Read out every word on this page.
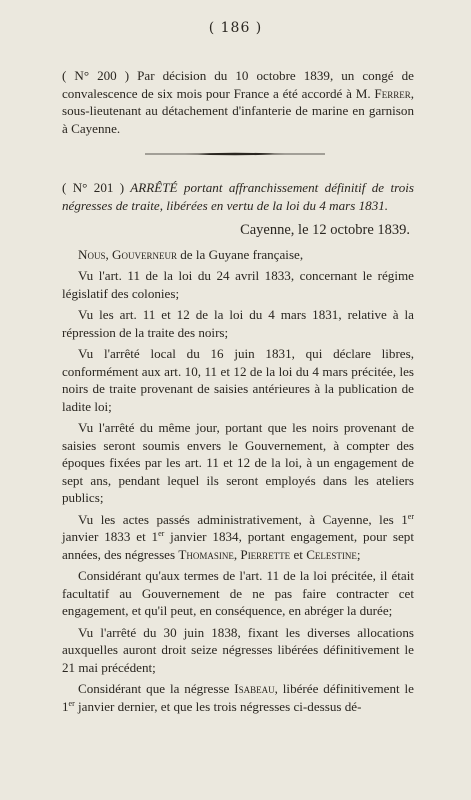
( 186 )
( N° 200 ) Par décision du 10 octobre 1839, un congé de convalescence de six mois pour France a été accordé à M. Ferrer, sous-lieutenant au détachement d'infanterie de marine en garnison à Cayenne.
( N° 201 ) ARRÊTÉ portant affranchissement définitif de trois négresses de traite, libérées en vertu de la loi du 4 mars 1831.
Cayenne, le 12 octobre 1839.
Nous, Gouverneur de la Guyane française,
Vu l'art. 11 de la loi du 24 avril 1833, concernant le régime législatif des colonies;
Vu les art. 11 et 12 de la loi du 4 mars 1831, relative à la répression de la traite des noirs;
Vu l'arrêté local du 16 juin 1831, qui déclare libres, conformément aux art. 10, 11 et 12 de la loi du 4 mars précitée, les noirs de traite provenant de saisies antérieures à la publication de ladite loi;
Vu l'arrêté du même jour, portant que les noirs provenant de saisies seront soumis envers le Gouvernement, à compter des époques fixées par les art. 11 et 12 de la loi, à un engagement de sept ans, pendant lequel ils seront employés dans les ateliers publics;
Vu les actes passés administrativement, à Cayenne, les 1er janvier 1833 et 1er janvier 1834, portant engagement, pour sept années, des négresses Thomasine, Pierrette et Celestine;
Considérant qu'aux termes de l'art. 11 de la loi précitée, il était facultatif au Gouvernement de ne pas faire contracter cet engagement, et qu'il peut, en conséquence, en abréger la durée;
Vu l'arrêté du 30 juin 1838, fixant les diverses allocations auxquelles auront droit seize négresses libérées définitivement le 21 mai précédent;
Considérant que la négresse Isabeau, libérée définitivement le 1er janvier dernier, et que les trois négresses ci-dessus dé-
